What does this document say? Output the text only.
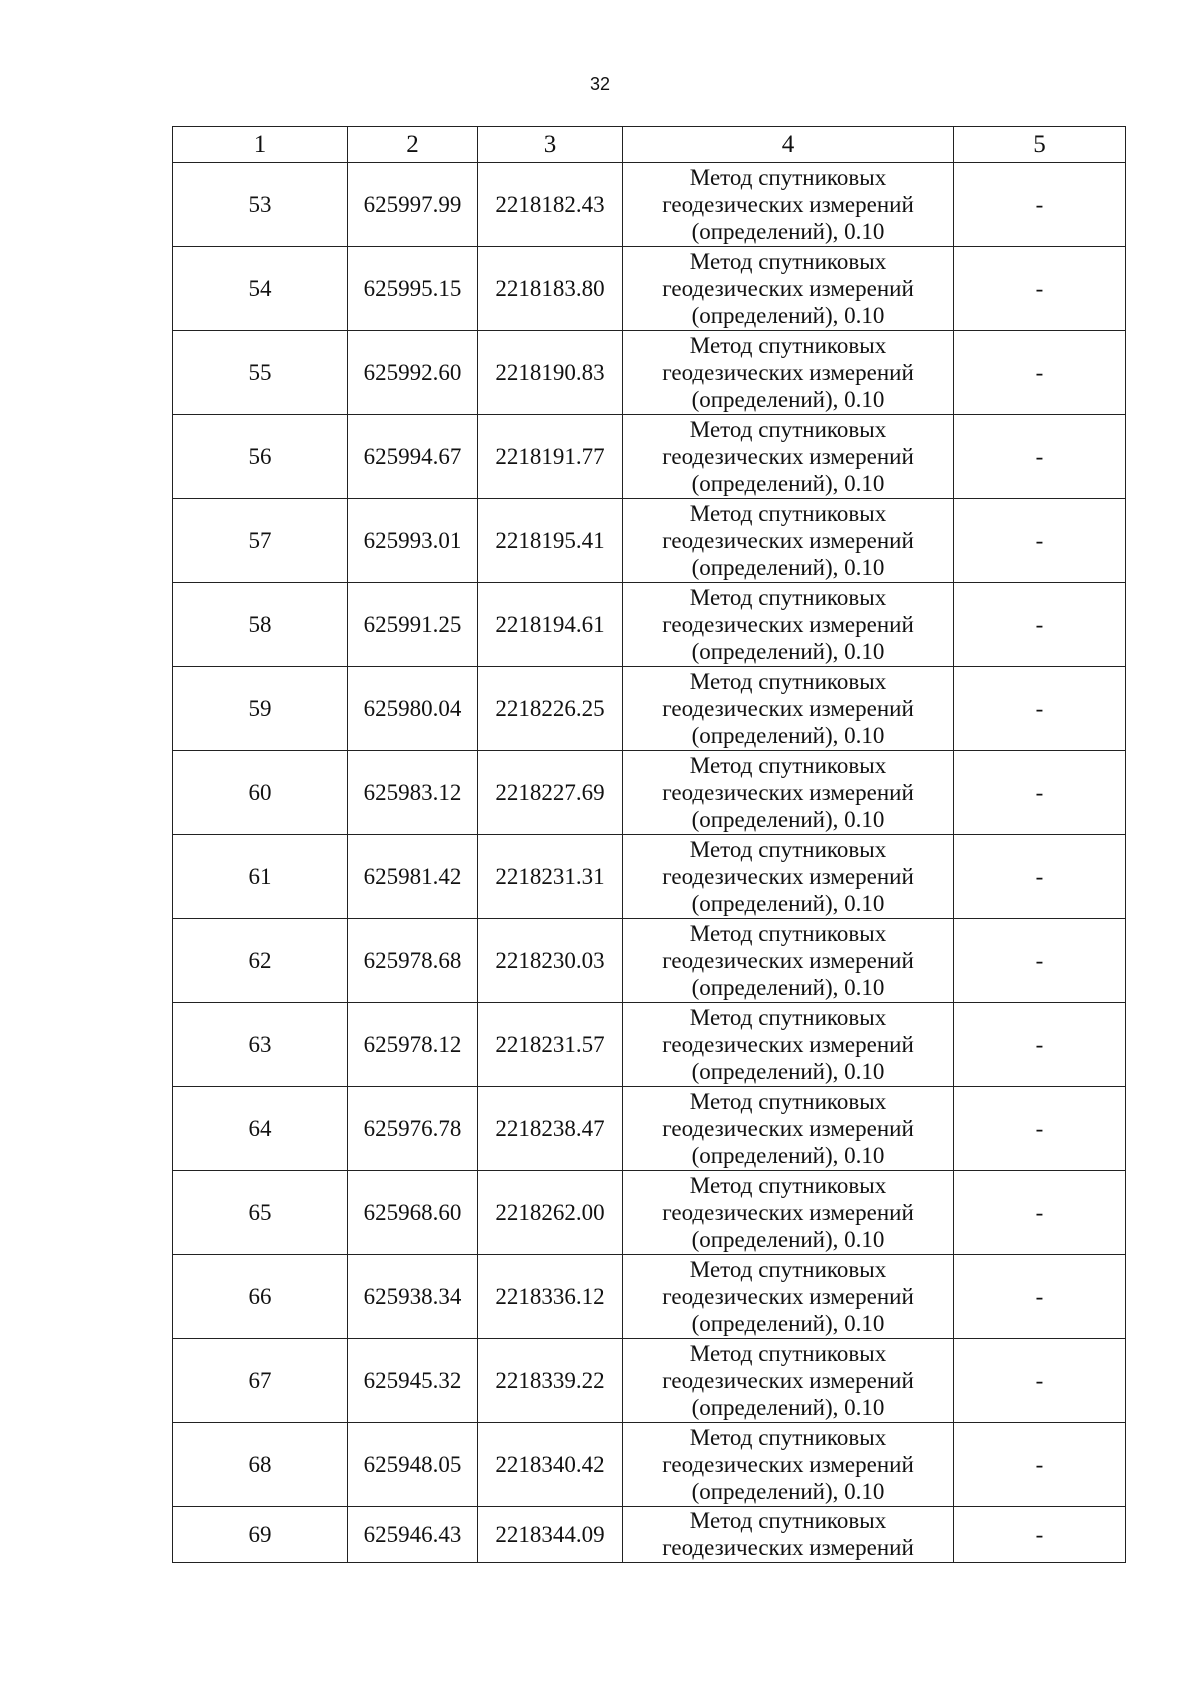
32
1	2	3	4	5
53	625997.99	2218182.43	Метод спутниковых
геодезических измерений
(определений), 0.10	-
54	625995.15	2218183.80	Метод спутниковых
геодезических измерений
(определений), 0.10	-
55	625992.60	2218190.83	Метод спутниковых
геодезических измерений
(определений), 0.10	-
56	625994.67	2218191.77	Метод спутниковых
геодезических измерений
(определений), 0.10	-
57	625993.01	2218195.41	Метод спутниковых
геодезических измерений
(определений), 0.10	-
58	625991.25	2218194.61	Метод спутниковых
геодезических измерений
(определений), 0.10	-
59	625980.04	2218226.25	Метод спутниковых
геодезических измерений
(определений), 0.10	-
60	625983.12	2218227.69	Метод спутниковых
геодезических измерений
(определений), 0.10	-
61	625981.42	2218231.31	Метод спутниковых
геодезических измерений
(определений), 0.10	-
62	625978.68	2218230.03	Метод спутниковых
геодезических измерений
(определений), 0.10	-
63	625978.12	2218231.57	Метод спутниковых
геодезических измерений
(определений), 0.10	-
64	625976.78	2218238.47	Метод спутниковых
геодезических измерений
(определений), 0.10	-
65	625968.60	2218262.00	Метод спутниковых
геодезических измерений
(определений), 0.10	-
66	625938.34	2218336.12	Метод спутниковых
геодезических измерений
(определений), 0.10	-
67	625945.32	2218339.22	Метод спутниковых
геодезических измерений
(определений), 0.10	-
68	625948.05	2218340.42	Метод спутниковых
геодезических измерений
(определений), 0.10	-
69	625946.43	2218344.09	Метод спутниковых
геодезических измерений	-
